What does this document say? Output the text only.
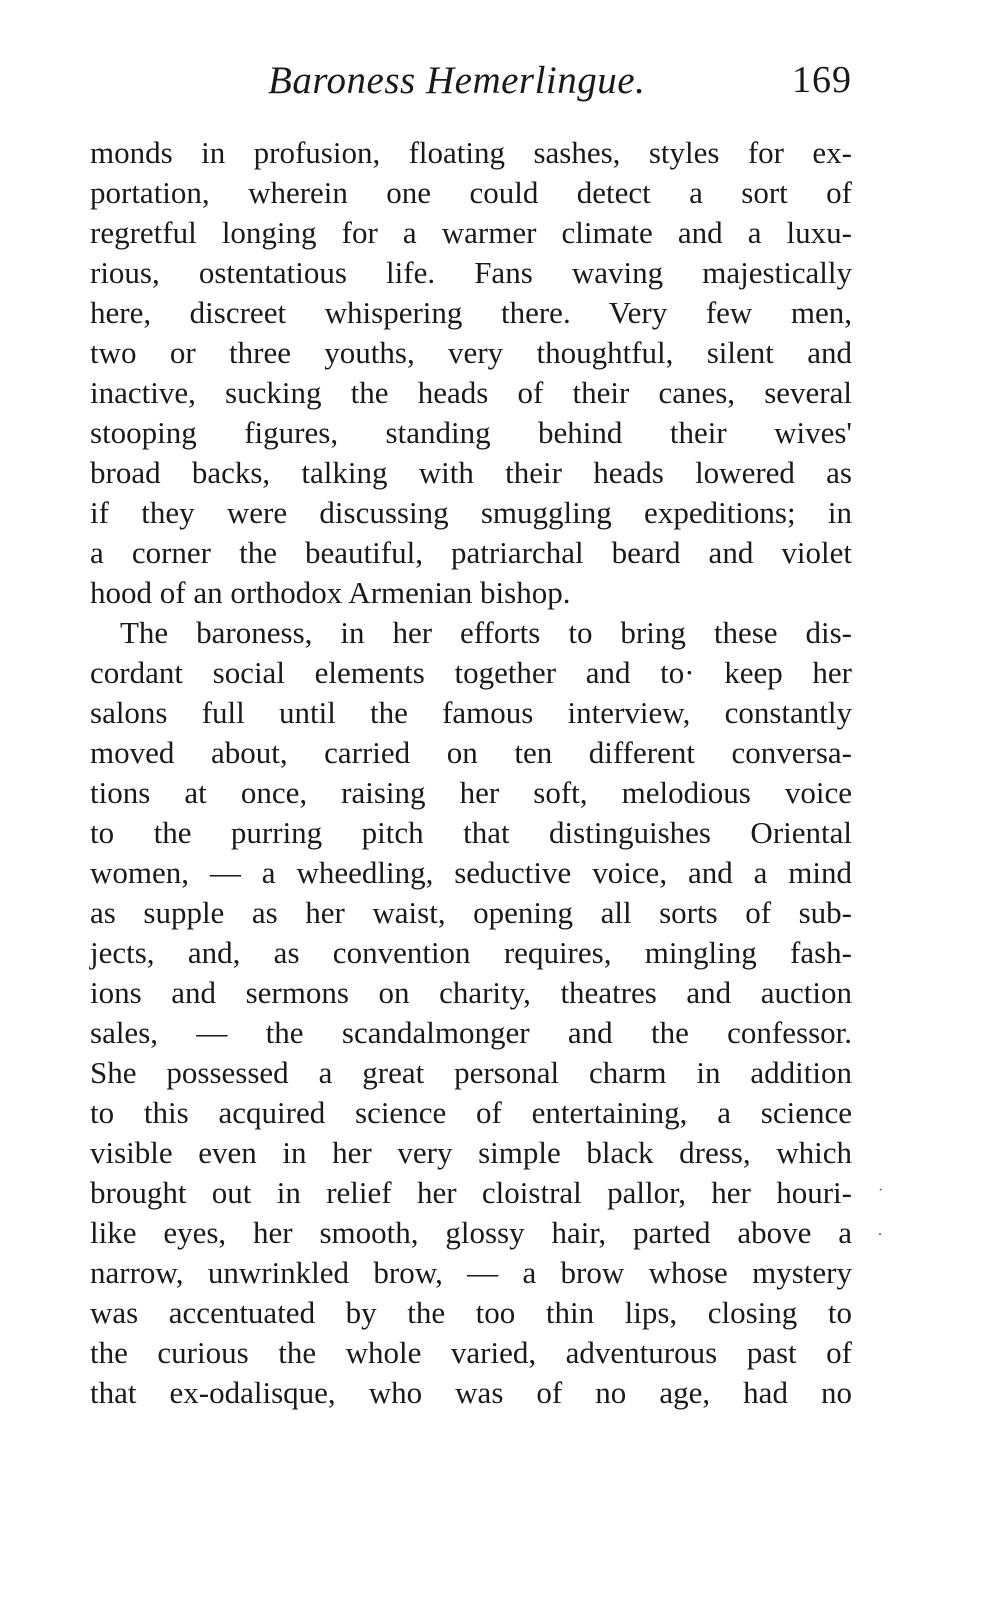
Baroness Hemerlingue.	169
monds in profusion, floating sashes, styles for ex-
portation, wherein one could detect a sort of
regretful longing for a warmer climate and a luxu-
rious, ostentatious life. Fans waving majestically
here, discreet whispering there. Very few men,
two or three youths, very thoughtful, silent and
inactive, sucking the heads of their canes, several
stooping figures, standing behind their wives'
broad backs, talking with their heads lowered as
if they were discussing smuggling expeditions; in
a corner the beautiful, patriarchal beard and violet
hood of an orthodox Armenian bishop.
The baroness, in her efforts to bring these dis-
cordant social elements together and to· keep her
salons full until the famous interview, constantly
moved about, carried on ten different conversa-
tions at once, raising her soft, melodious voice
to the purring pitch that distinguishes Oriental
women, — a wheedling, seductive voice, and a mind
as supple as her waist, opening all sorts of sub-
jects, and, as convention requires, mingling fash-
ions and sermons on charity, theatres and auction
sales, — the scandalmonger and the confessor.
She possessed a great personal charm in addition
to this acquired science of entertaining, a science
visible even in her very simple black dress, which
brought out in relief her cloistral pallor, her houri-
like eyes, her smooth, glossy hair, parted above a
narrow, unwrinkled brow, — a brow whose mystery
was accentuated by the too thin lips, closing to
the curious the whole varied, adventurous past of
that ex-odalisque, who was of no age, had no
·
.
